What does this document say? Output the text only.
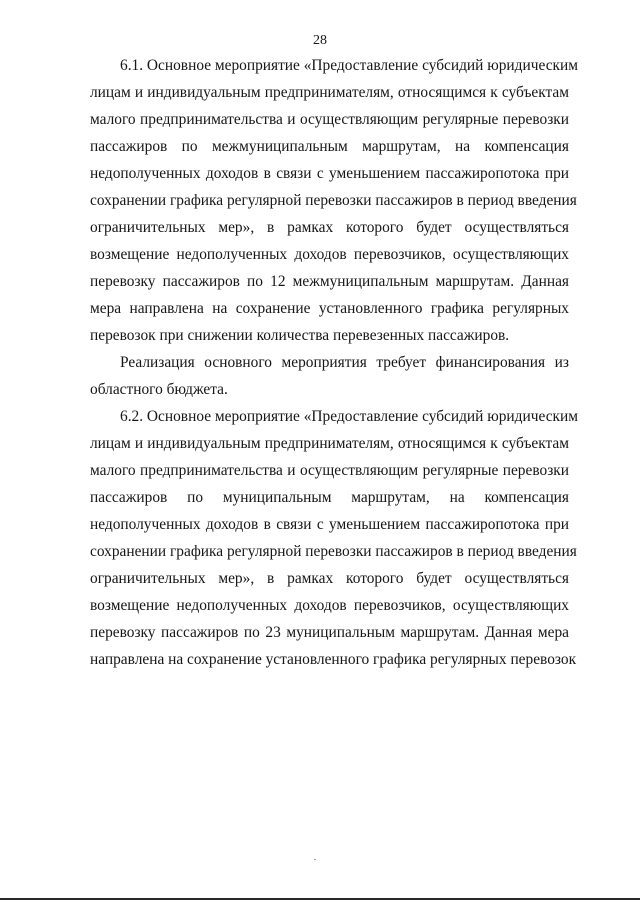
28
6.1. Основное мероприятие «Предоставление субсидий юридическим
лицам и индивидуальным предпринимателям, относящимся к субъектам
малого предпринимательства и осуществляющим регулярные перевозки
пассажиров по межмуниципальным маршрутам, на компенсация
недополученных доходов в связи с уменьшением пассажиропотока при
сохранении графика регулярной перевозки пассажиров в период введения
ограничительных мер», в рамках которого будет осуществляться
возмещение недополученных доходов перевозчиков, осуществляющих
перевозку пассажиров по 12 межмуниципальным маршрутам. Данная
мера направлена на сохранение установленного графика регулярных
перевозок при снижении количества перевезенных пассажиров.
Реализация основного мероприятия требует финансирования из
областного бюджета.
6.2. Основное мероприятие «Предоставление субсидий юридическим
лицам и индивидуальным предпринимателям, относящимся к субъектам
малого предпринимательства и осуществляющим регулярные перевозки
пассажиров по муниципальным маршрутам, на компенсация
недополученных доходов в связи с уменьшением пассажиропотока при
сохранении графика регулярной перевозки пассажиров в период введения
ограничительных мер», в рамках которого будет осуществляться
возмещение недополученных доходов перевозчиков, осуществляющих
перевозку пассажиров по 23 муниципальным маршрутам. Данная мера
направлена на сохранение установленного графика регулярных перевозок
